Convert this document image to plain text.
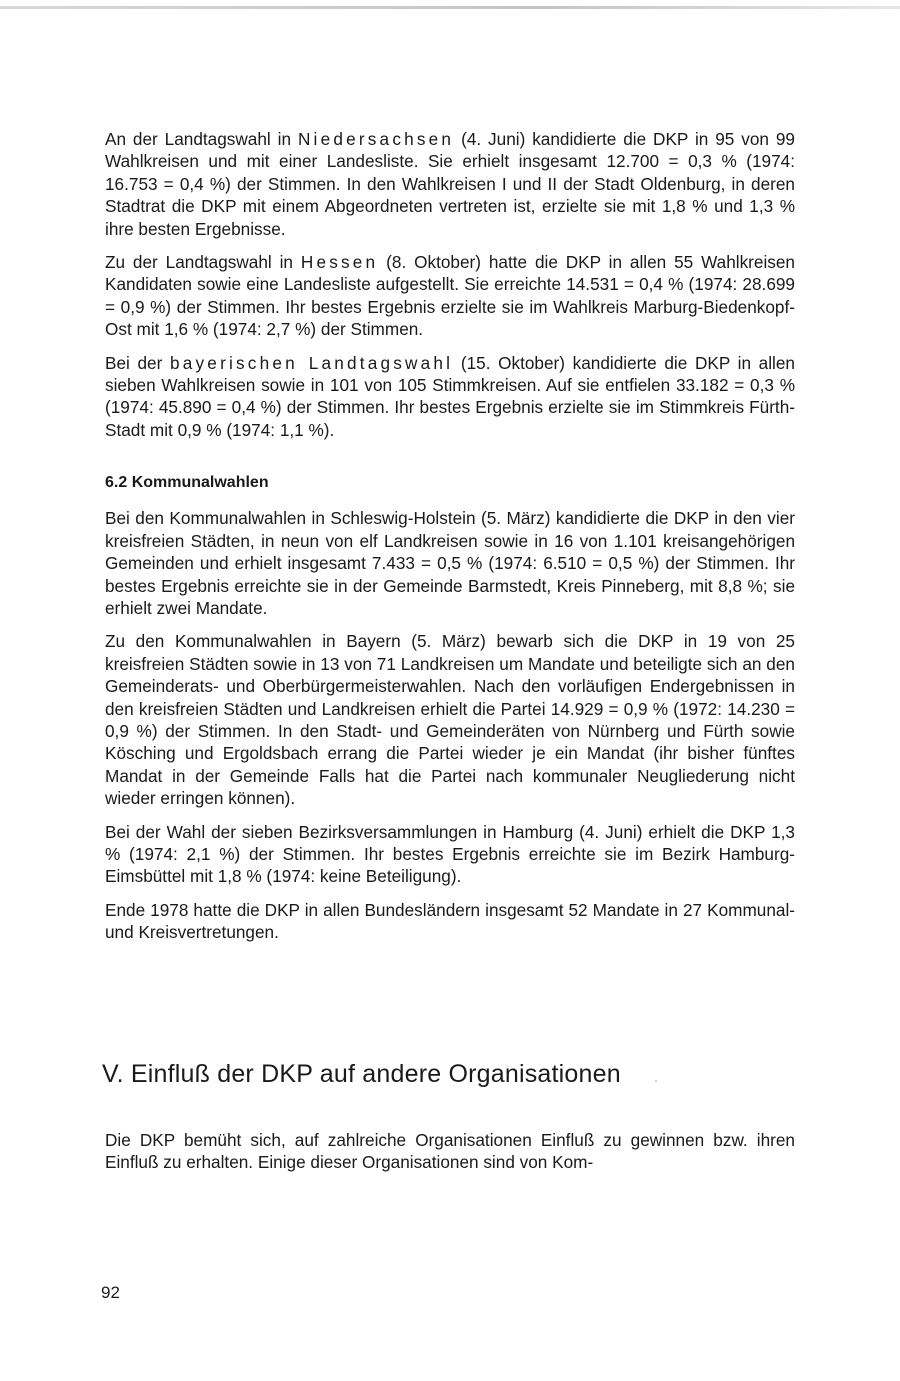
An der Landtagswahl in Niedersachsen (4. Juni) kandidierte die DKP in 95 von 99 Wahlkreisen und mit einer Landesliste. Sie erhielt insgesamt 12.700 = 0,3 % (1974: 16.753 = 0,4 %) der Stimmen. In den Wahlkreisen I und II der Stadt Oldenburg, in deren Stadtrat die DKP mit einem Abgeordneten vertreten ist, erzielte sie mit 1,8 % und 1,3 % ihre besten Ergebnisse.

Zu der Landtagswahl in Hessen (8. Oktober) hatte die DKP in allen 55 Wahlkreisen Kandidaten sowie eine Landesliste aufgestellt. Sie erreichte 14.531 = 0,4 % (1974: 28.699 = 0,9 %) der Stimmen. Ihr bestes Ergebnis erzielte sie im Wahlkreis Marburg-Biedenkopf-Ost mit 1,6 % (1974: 2,7 %) der Stimmen.

Bei der bayerischen Landtagswahl (15. Oktober) kandidierte die DKP in allen sieben Wahlkreisen sowie in 101 von 105 Stimmkreisen. Auf sie entfielen 33.182 = 0,3 % (1974: 45.890 = 0,4 %) der Stimmen. Ihr bestes Ergebnis erzielte sie im Stimmkreis Fürth-Stadt mit 0,9 % (1974: 1,1 %).

6.2 Kommunalwahlen

Bei den Kommunalwahlen in Schleswig-Holstein (5. März) kandidierte die DKP in den vier kreisfreien Städten, in neun von elf Landkreisen sowie in 16 von 1.101 kreisangehörigen Gemeinden und erhielt insgesamt 7.433 = 0,5 % (1974: 6.510 = 0,5 %) der Stimmen. Ihr bestes Ergebnis erreichte sie in der Gemeinde Barmstedt, Kreis Pinneberg, mit 8,8 %; sie erhielt zwei Mandate.

Zu den Kommunalwahlen in Bayern (5. März) bewarb sich die DKP in 19 von 25 kreisfreien Städten sowie in 13 von 71 Landkreisen um Mandate und beteiligte sich an den Gemeinderats- und Oberbürgermeisterwahlen. Nach den vorläufigen Endergebnissen in den kreisfreien Städten und Landkreisen erhielt die Partei 14.929 = 0,9 % (1972: 14.230 = 0,9 %) der Stimmen. In den Stadt- und Gemeinderäten von Nürnberg und Fürth sowie Kösching und Ergoldsbach errang die Partei wieder je ein Mandat (ihr bisher fünftes Mandat in der Gemeinde Falls hat die Partei nach kommunaler Neugliederung nicht wieder erringen können).

Bei der Wahl der sieben Bezirksversammlungen in Hamburg (4. Juni) erhielt die DKP 1,3 % (1974: 2,1 %) der Stimmen. Ihr bestes Ergebnis erreichte sie im Bezirk Hamburg-Eimsbüttel mit 1,8 % (1974: keine Beteiligung).

Ende 1978 hatte die DKP in allen Bundesländern insgesamt 52 Mandate in 27 Kommunal- und Kreisvertretungen.

V. Einfluß der DKP auf andere Organisationen

Die DKP bemüht sich, auf zahlreiche Organisationen Einfluß zu gewinnen bzw. ihren Einfluß zu erhalten. Einige dieser Organisationen sind von Kom-

92
